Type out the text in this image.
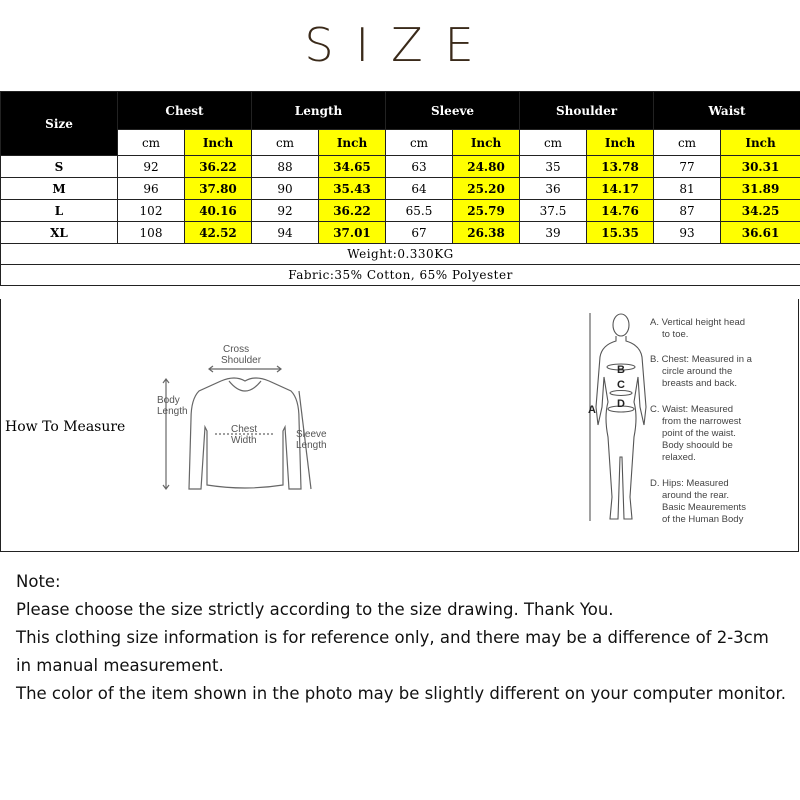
SIZE
Size	Chest		Length		Sleeve		Shoulder		Waist	
	cm	Inch	cm	Inch	cm	Inch	cm	Inch	cm	Inch
S	92	36.22	88	34.65	63	24.80	35	13.78	77	30.31
M	96	37.80	90	35.43	64	25.20	36	14.17	81	31.89
L	102	40.16	92	36.22	65.5	25.79	37.5	14.76	87	34.25
XL	108	42.52	94	37.01	67	26.38	39	15.35	93	36.61
Weight:0.330KG										
Fabric:35% Cotton, 65% Polyester										
How To Measure
Cross
Shoulder
Body
Length
Chest
Width
Sleeve
Length
A
B
C
D
A. Vertical height head
to toe.
B. Chest: Measured in a
circle around the
breasts and back.
C. Waist: Measured
from the narrowest
point of the waist.
Body shoould be
relaxed.
D. Hips: Measured
around the rear.
Basic Meaurements
of the Human Body
Note:
Please choose the size strictly according to the size drawing. Thank You.
This clothing size information is for reference only, and there may be a difference of 2-3cm
in manual measurement.
The color of the item shown in the photo may be slightly different on your computer monitor.
